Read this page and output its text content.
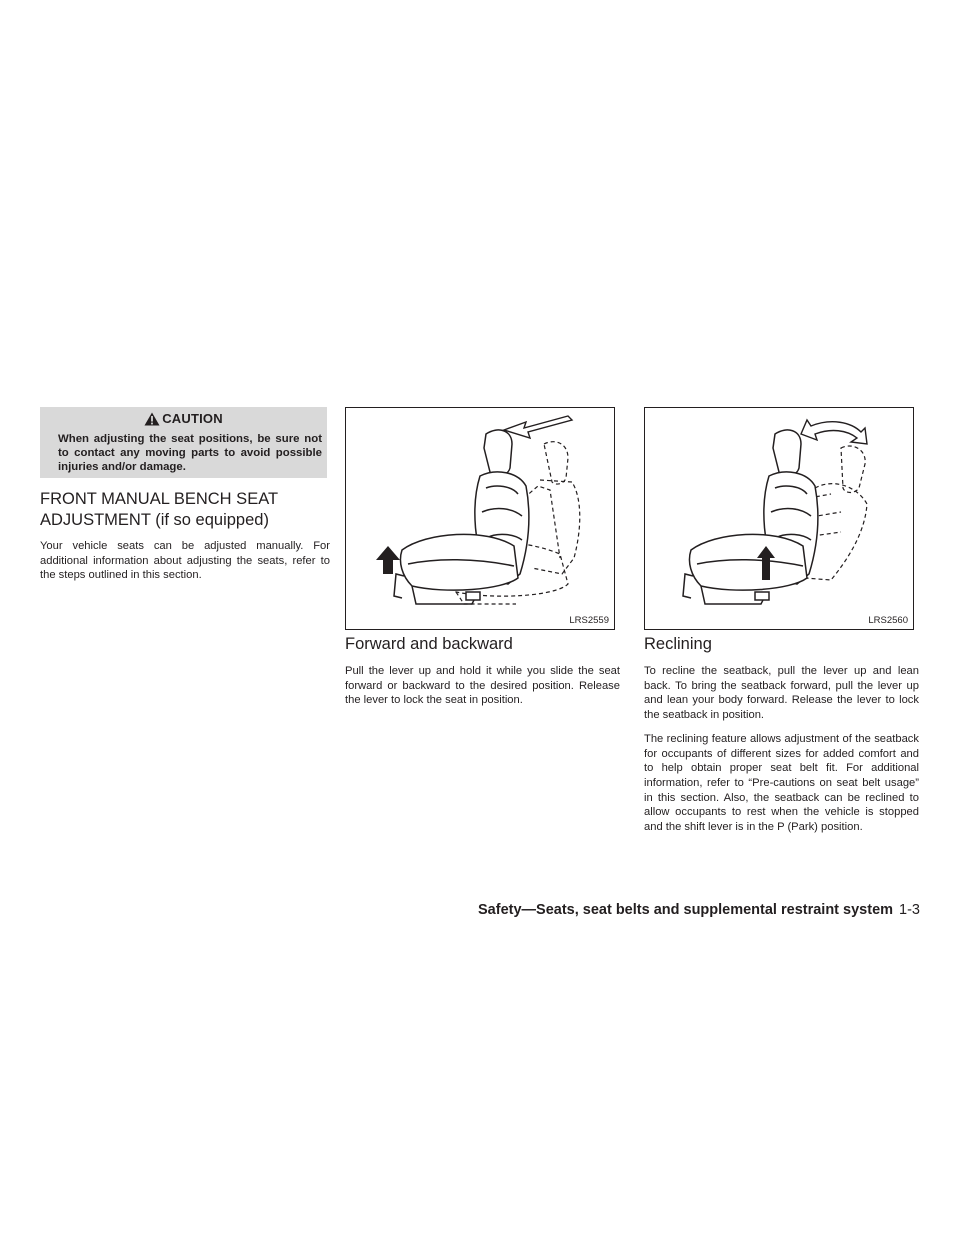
CAUTION
When adjusting the seat positions, be sure not to contact any moving parts to avoid possible injuries and/or damage.
FRONT MANUAL BENCH SEAT
ADJUSTMENT (if so equipped)

Your vehicle seats can be adjusted manually. For additional information about adjusting the seats, refer to the steps outlined in this section.

LRS2559
Forward and backward

Pull the lever up and hold it while you slide the seat forward or backward to the desired position. Release the lever to lock the seat in position.

LRS2560
Reclining

To recline the seatback, pull the lever up and lean back. To bring the seatback forward, pull the lever up and lean your body forward. Release the lever to lock the seatback in position.

The reclining feature allows adjustment of the seatback for occupants of different sizes for added comfort and to help obtain proper seat belt fit. For additional information, refer to “Pre-cautions on seat belt usage” in this section. Also, the seatback can be reclined to allow occupants to rest when the vehicle is stopped and the shift lever is in the P (Park) position.

Safety—Seats, seat belts and supplemental restraint system 1-3
